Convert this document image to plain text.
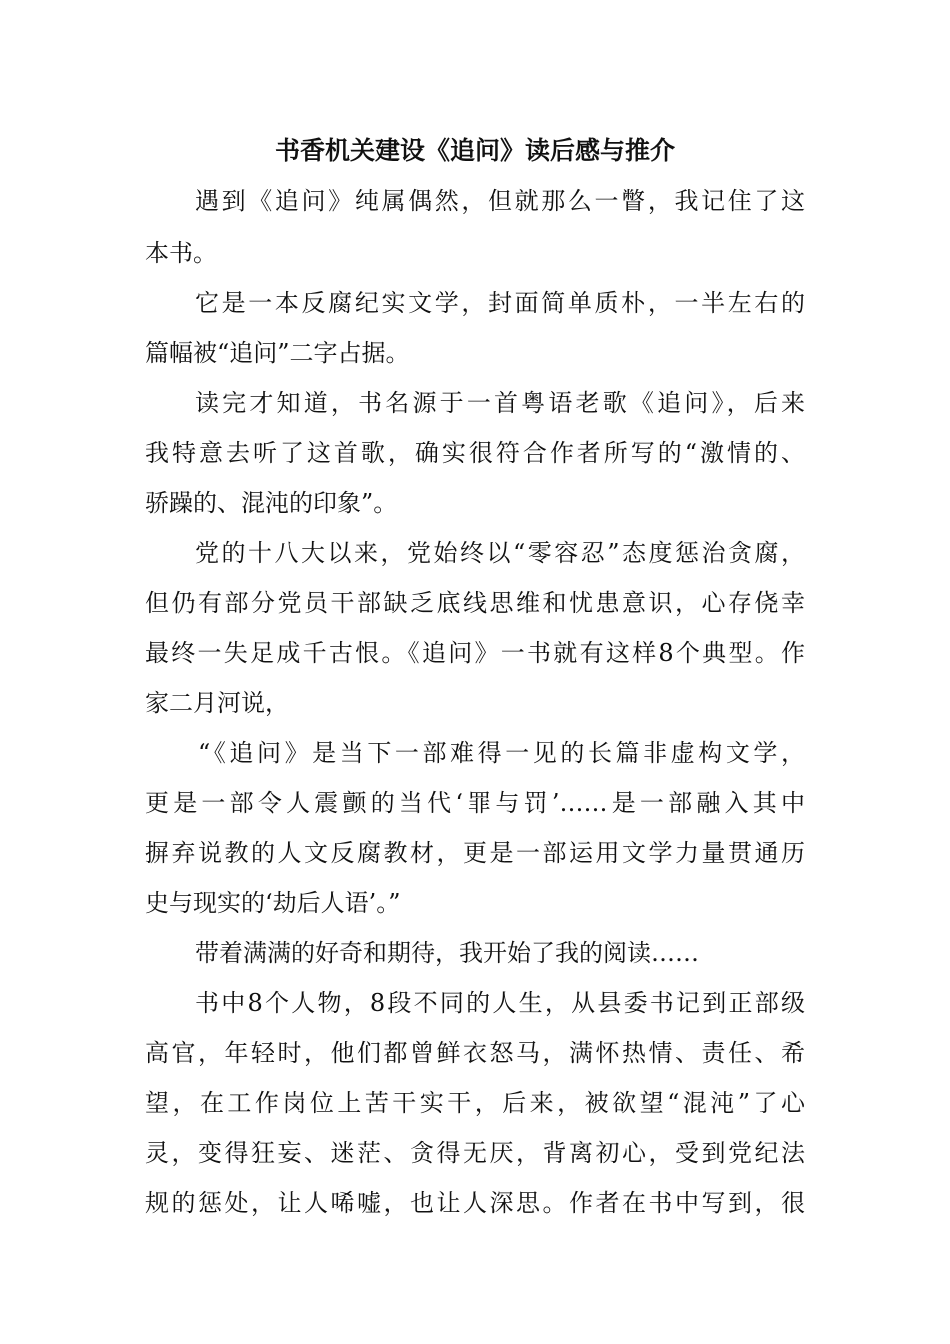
书香机关建设《追问》读后感与推介
遇到《追问》纯属偶然，但就那么一瞥，我记住了这
本书。
它是一本反腐纪实文学，封面简单质朴，一半左右的
篇幅被“追问”二字占据。
读完才知道，书名源于一首粤语老歌《追问》，后来
我特意去听了这首歌，确实很符合作者所写的“激情的、
骄躁的、混沌的印象”。
党的十八大以来，党始终以“零容忍”态度惩治贪腐，
但仍有部分党员干部缺乏底线思维和忧患意识，心存侥幸
最终一失足成千古恨。《追问》一书就有这样8个典型。作
家二月河说，
“《追问》是当下一部难得一见的长篇非虚构文学，
更是一部令人震颤的当代‘罪与罚’……是一部融入其中
摒弃说教的人文反腐教材，更是一部运用文学力量贯通历
史与现实的‘劫后人语’。”
带着满满的好奇和期待，我开始了我的阅读……
书中8个人物，8段不同的人生，从县委书记到正部级
高官，年轻时，他们都曾鲜衣怒马，满怀热情、责任、希
望，在工作岗位上苦干实干，后来，被欲望“混沌”了心
灵，变得狂妄、迷茫、贪得无厌，背离初心，受到党纪法
规的惩处，让人唏嘘，也让人深思。作者在书中写到，很
